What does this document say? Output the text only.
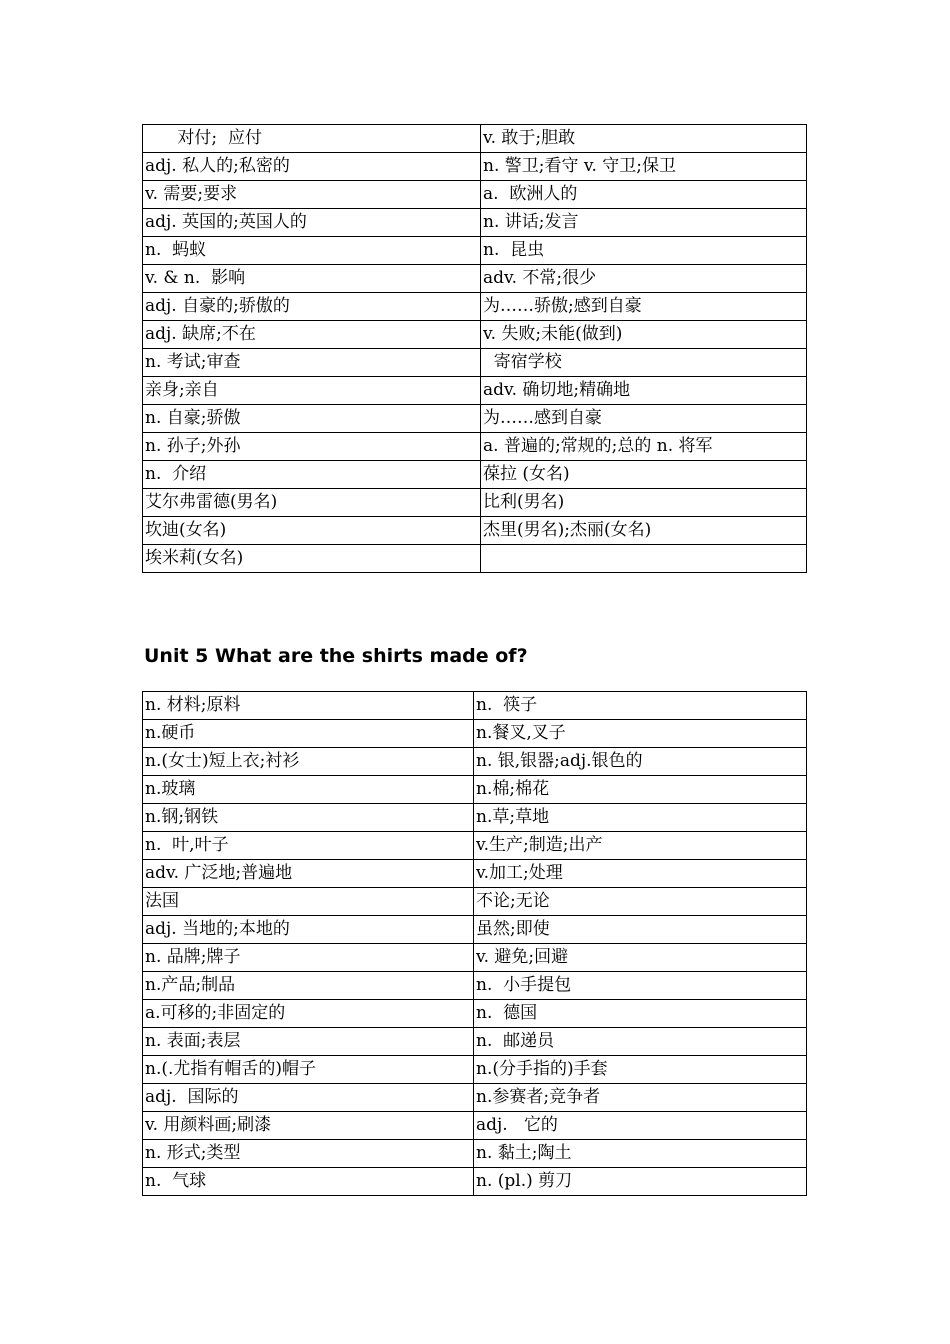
对付;  应付	v. 敢于;胆敢
adj. 私人的;私密的	n. 警卫;看守 v. 守卫;保卫
v. 需要;要求	a.  欧洲人的
adj. 英国的;英国人的	n. 讲话;发言
n.  蚂蚁	n.  昆虫
v. & n.  影响	adv. 不常;很少
adj. 自豪的;骄傲的	为……骄傲;感到自豪
adj. 缺席;不在	v. 失败;未能(做到)
n. 考试;审查	寄宿学校
亲身;亲自	adv. 确切地;精确地
n. 自豪;骄傲	为……感到自豪
n. 孙子;外孙	a. 普遍的;常规的;总的 n. 将军
n.  介绍	葆拉 (女名)
艾尔弗雷德(男名)	比利(男名)
坎迪(女名)	杰里(男名);杰丽(女名)
埃米莉(女名)	
Unit 5 What are the shirts made of?
n. 材料;原料	n.  筷子
n.硬币	n.餐叉,叉子
n.(女士)短上衣;衬衫	n. 银,银器;adj.银色的
n.玻璃	n.棉;棉花
n.钢;钢铁	n.草;草地
n.  叶,叶子	v.生产;制造;出产
adv. 广泛地;普遍地	v.加工;处理
法国	不论;无论
adj. 当地的;本地的	虽然;即使
n. 品牌;牌子	v. 避免;回避
n.产品;制品	n.  小手提包
a.可移的;非固定的	n.  德国
n. 表面;表层	n.  邮递员
n.(.尤指有帽舌的)帽子	n.(分手指的)手套
adj.  国际的	n.参赛者;竞争者
v. 用颜料画;刷漆	adj.   它的
n. 形式;类型	n. 黏土;陶土
n.  气球	n. (pl.) 剪刀
